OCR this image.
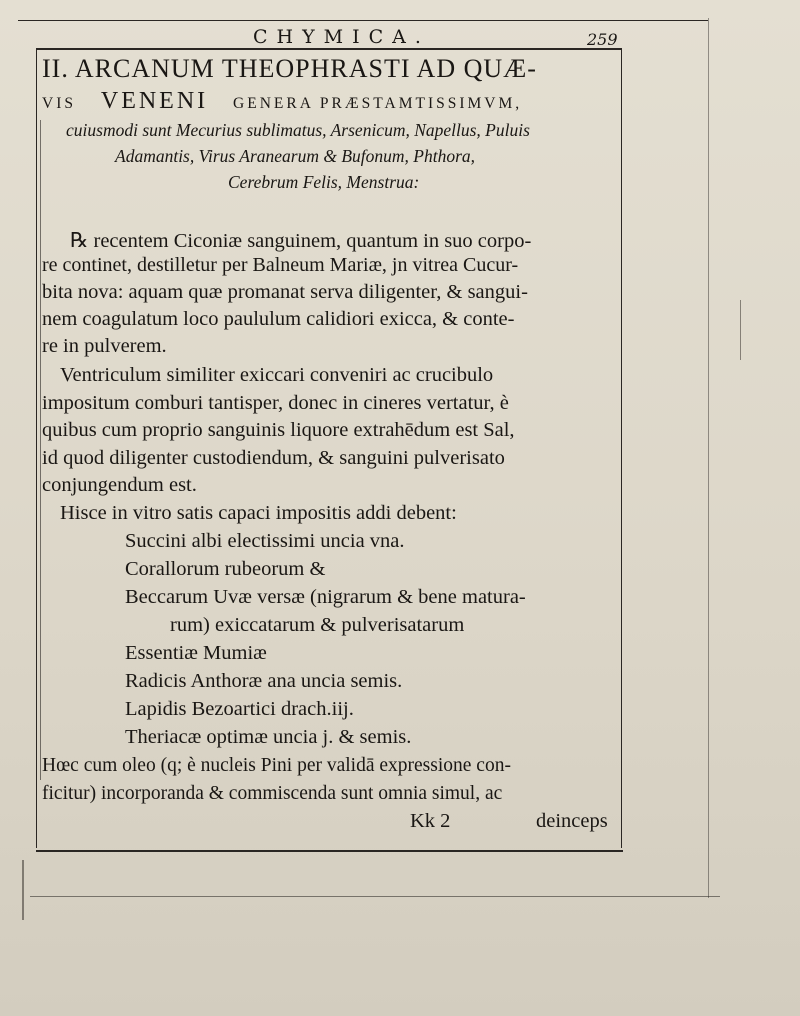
CHYMICA.	259
II. ARCANUM THEOPHRASTI AD QUÆ-
VIS VENENI GENERA PRÆSTAMTISSIMVM,
cuiusmodi sunt Mecurius sublimatus, Arsenicum, Napellus, Puluis
Adamantis, Virus Aranearum & Bufonum, Phthora,
Cerebrum Felis, Menstrua:
℞ recentem Ciconiæ sanguinem, quantum in suo corpo-
re continet, destilletur per Balneum Mariæ, jn vitrea Cucur-
bita nova: aquam quæ promanat serva diligenter, & sangui-
nem coagulatum loco paululum calidiori exicca, & conte-
re in pulverem.
Ventriculum similiter exiccari conveniri ac crucibulo
impositum comburi tantisper, donec in cineres vertatur, è
quibus cum proprio sanguinis liquore extrahēdum est Sal,
id quod diligenter custodiendum, & sanguini pulverisato
conjungendum est.
Hisce in vitro satis capaci impositis addi debent:
Succini albi electissimi uncia vna.
Corallorum rubeorum &
Beccarum Uvæ versæ (nigrarum & bene matura-
rum) exiccatarum & pulverisatarum
Essentiæ Mumiæ
Radicis Anthoræ ana uncia semis.
Lapidis Bezoartici drach.iij.
Theriacæ optimæ uncia j. & semis.
Hœc cum oleo (q; è nucleis Pini per validā expressione con-
ficitur) incorporanda & commiscenda sunt omnia simul, ac
Kk 2	deinceps
